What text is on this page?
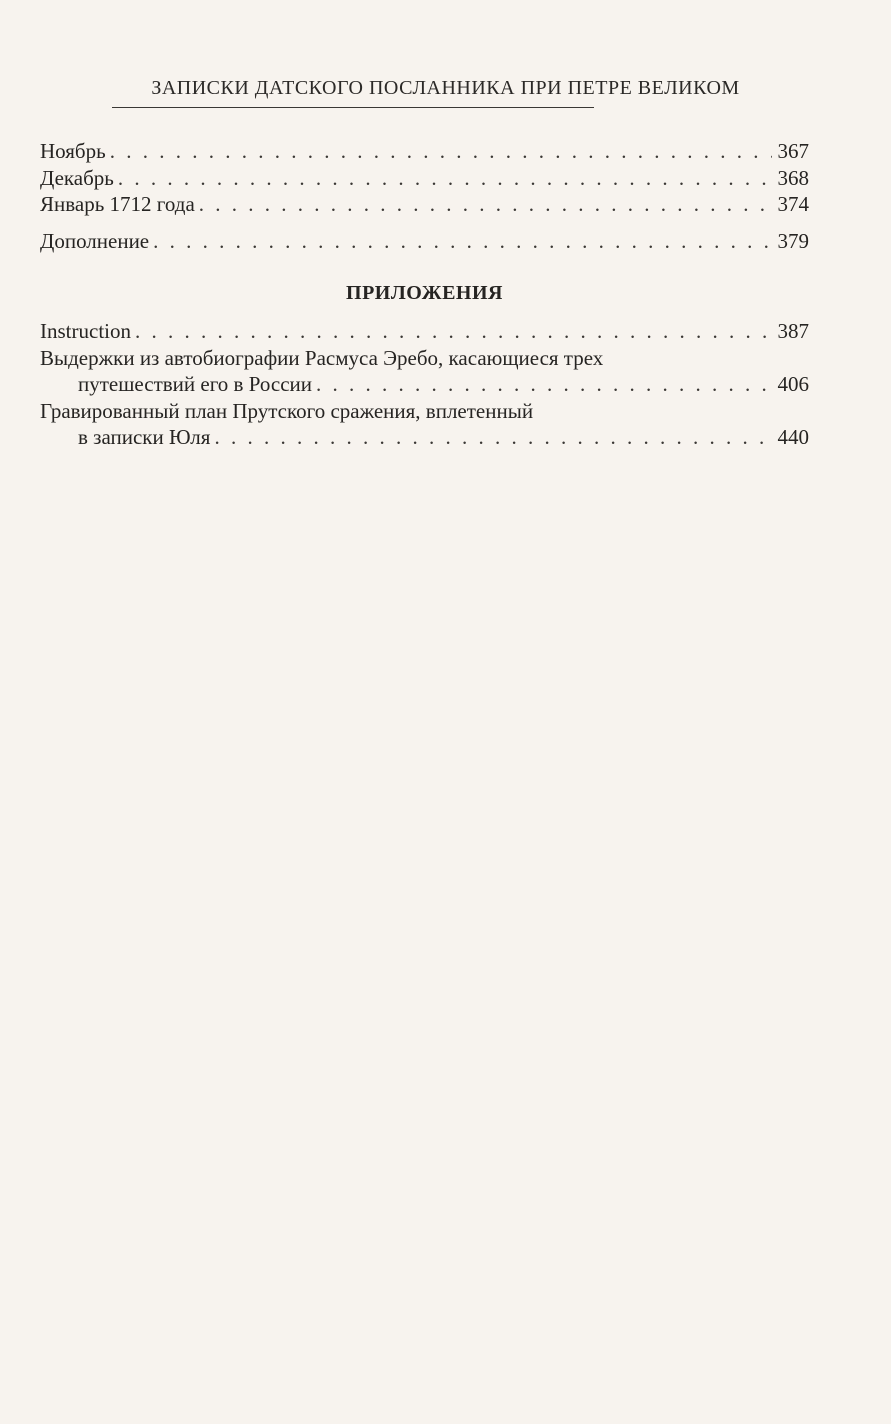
ЗАПИСКИ ДАТСКОГО ПОСЛАННИКА ПРИ ПЕТРЕ ВЕЛИКОМ
Ноябрь . . .	367
Декабрь . . .	368
Январь 1712 года . . .	374
Дополнение . . .	379
ПРИЛОЖЕНИЯ
Instruction . . .	387
Выдержки из автобиографии Расмуса Эребо, касающиеся трех
путешествий его в России . . .	406
Гравированный план Прутского сражения, вплетенный
в записки Юля . . .	440
